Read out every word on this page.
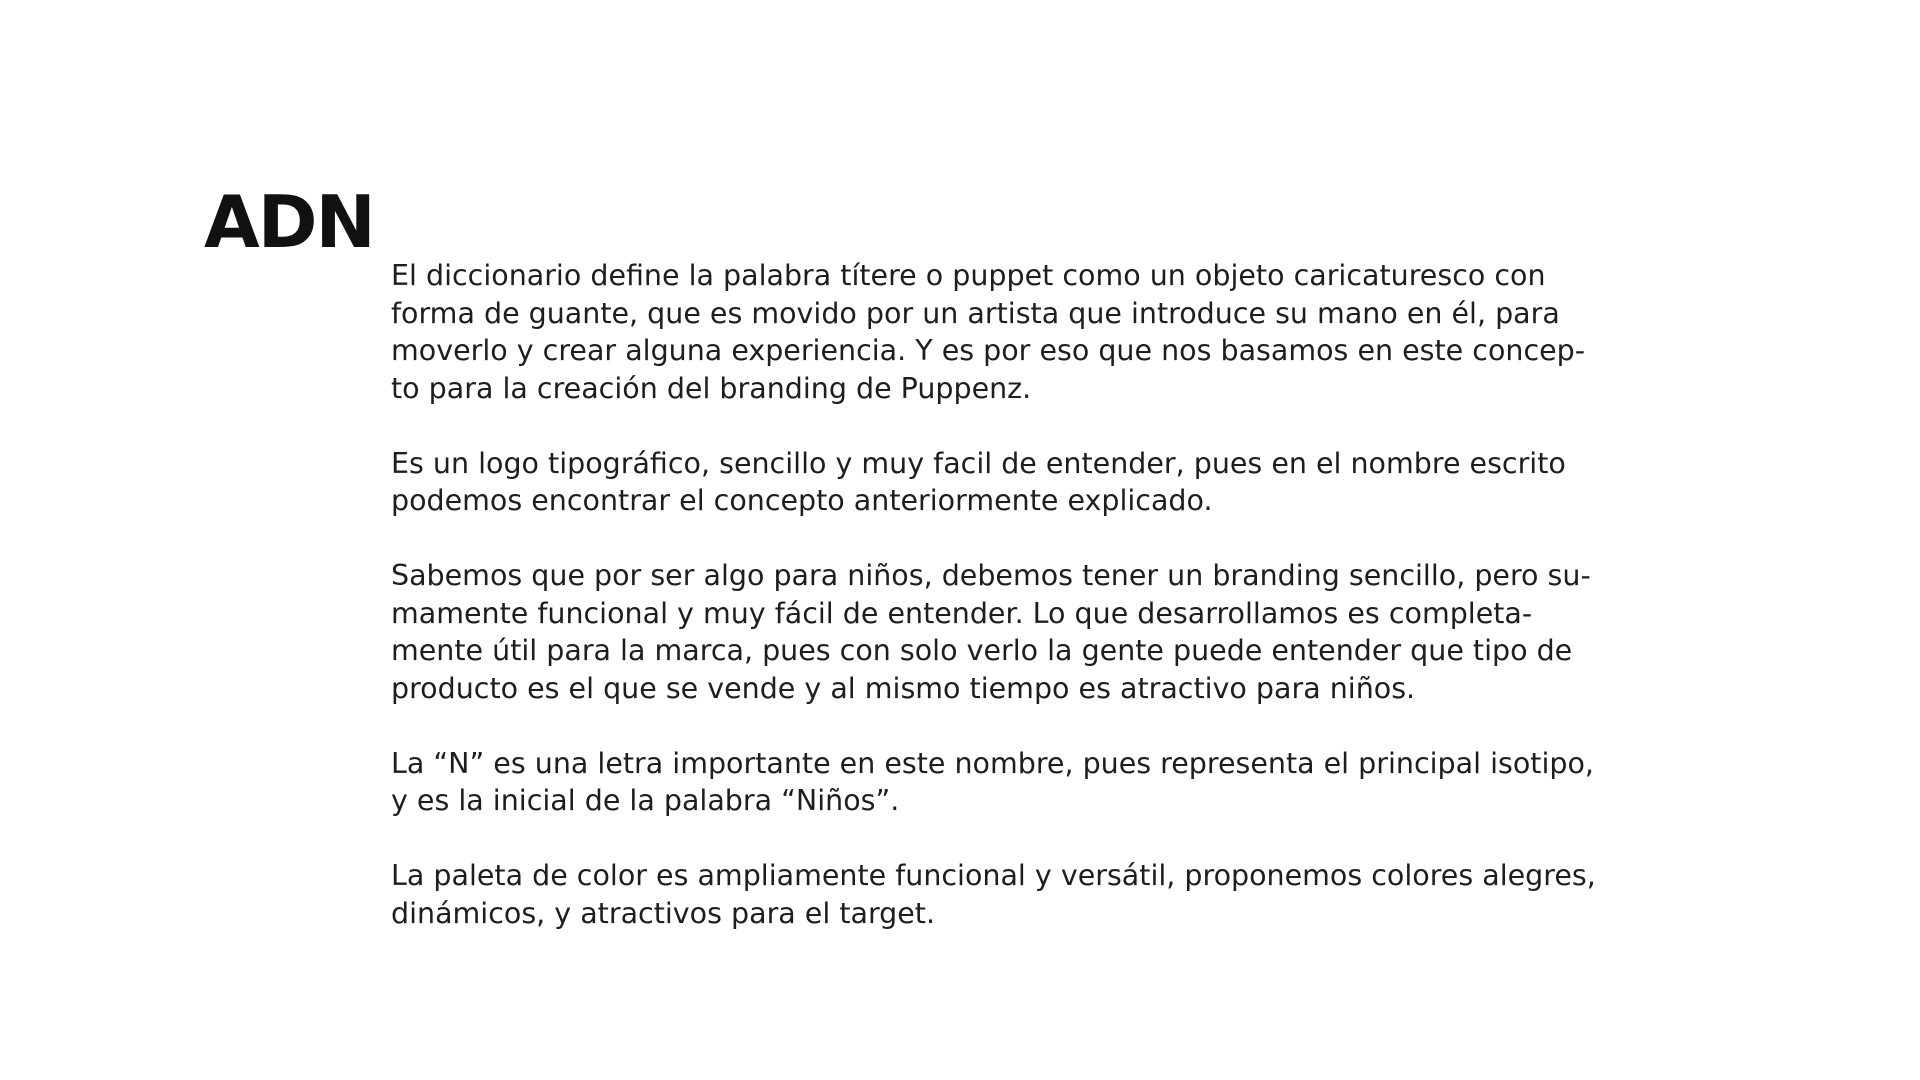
ADN

El diccionario define la palabra títere o puppet como un objeto caricaturesco con
forma de guante, que es movido por un artista que introduce su mano en él, para
moverlo y crear alguna experiencia. Y es por eso que nos basamos en este concep-
to para la creación del branding de Puppenz.

Es un logo tipográfico, sencillo y muy facil de entender, pues en el nombre escrito
podemos encontrar el concepto anteriormente explicado.

Sabemos que por ser algo para niños, debemos tener un branding sencillo, pero su-
mamente funcional y muy fácil de entender. Lo que desarrollamos es completa-
mente útil para la marca, pues con solo verlo la gente puede entender que tipo de
producto es el que se vende y al mismo tiempo es atractivo para niños.

La “N” es una letra importante en este nombre, pues representa el principal isotipo,
y es la inicial de la palabra “Niños”.

La paleta de color es ampliamente funcional y versátil, proponemos colores alegres,
dinámicos, y atractivos para el target.
